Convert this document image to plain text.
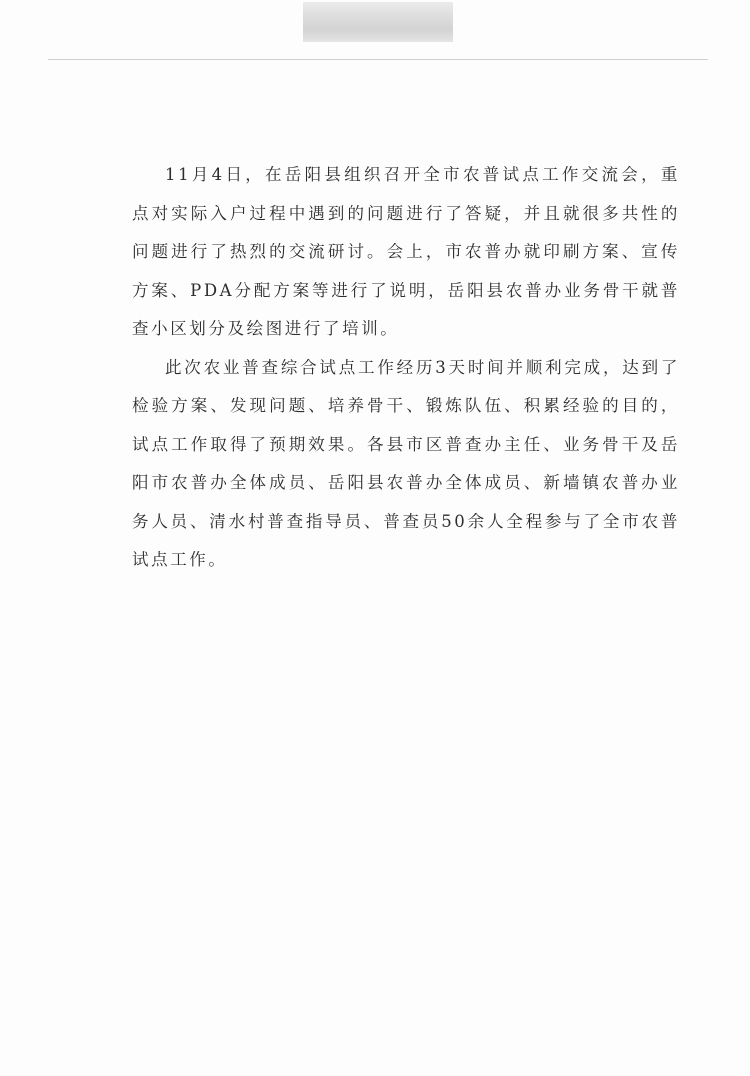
11月4日，在岳阳县组织召开全市农普试点工作交流会，重点对实际入户过程中遇到的问题进行了答疑，并且就很多共性的问题进行了热烈的交流研讨。会上，市农普办就印刷方案、宣传方案、PDA分配方案等进行了说明，岳阳县农普办业务骨干就普查小区划分及绘图进行了培训。

此次农业普查综合试点工作经历3天时间并顺利完成，达到了检验方案、发现问题、培养骨干、锻炼队伍、积累经验的目的，试点工作取得了预期效果。各县市区普查办主任、业务骨干及岳阳市农普办全体成员、岳阳县农普办全体成员、新墙镇农普办业务人员、清水村普查指导员、普查员50余人全程参与了全市农普试点工作。
